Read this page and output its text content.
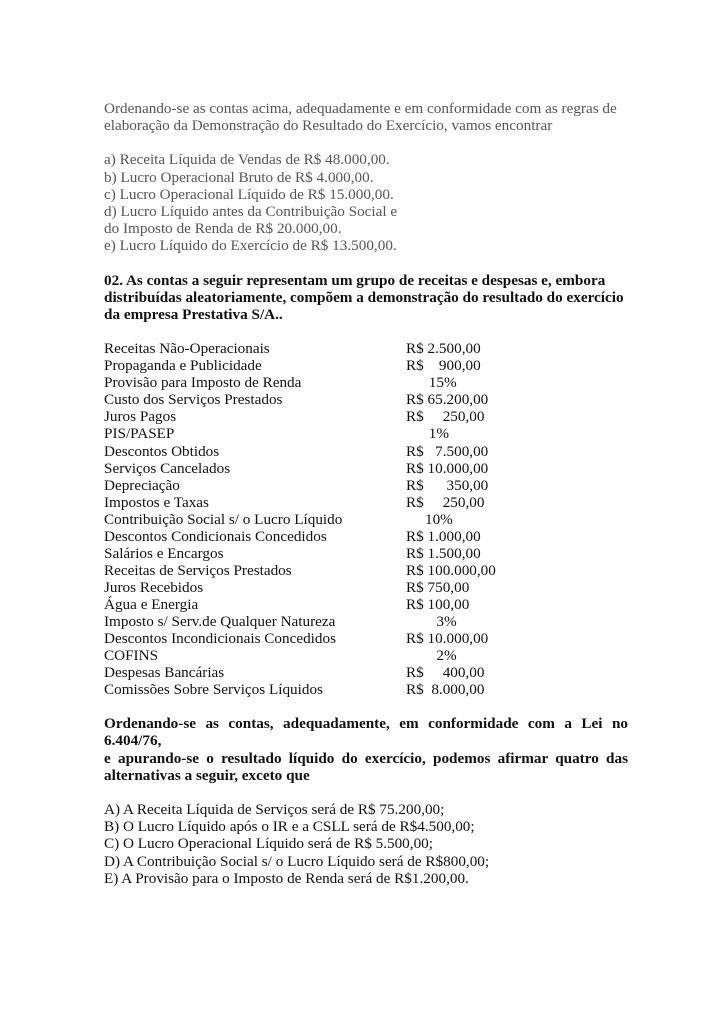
Ordenando-se as contas acima, adequadamente e em conformidade com as regras de
elaboração da Demonstração do Resultado do Exercício, vamos encontrar
a) Receita Líquida de Vendas de R$ 48.000,00.
b) Lucro Operacional Bruto de R$ 4.000,00.
c) Lucro Operacional Líquido de R$ 15.000,00.
d) Lucro Líquido antes da Contribuição Social e
do Imposto de Renda de R$ 20.000,00.
e) Lucro Líquido do Exercício de R$ 13.500,00.
02. As contas a seguir representam um grupo de receitas e despesas e, embora
distribuídas aleatoriamente, compõem a demonstração do resultado do exercício
da empresa Prestativa S/A..
Receitas Não-Operacionais	R$ 2.500,00
Propaganda e Publicidade	R$    900,00
Provisão para Imposto de Renda	15%
Custo dos Serviços Prestados	R$ 65.200,00
Juros Pagos	R$     250,00
PIS/PASEP	1%
Descontos Obtidos	R$   7.500,00
Serviços Cancelados	R$ 10.000,00
Depreciação	R$      350,00
Impostos e Taxas	R$     250,00
Contribuição Social s/ o Lucro Líquido	10%
Descontos Condicionais Concedidos	R$ 1.000,00
Salários e Encargos	R$ 1.500,00
Receitas de Serviços Prestados	R$ 100.000,00
Juros Recebidos	R$ 750,00
Água e Energia	R$ 100,00
Imposto s/ Serv.de Qualquer Natureza	3%
Descontos Incondicionais Concedidos	R$ 10.000,00
COFINS	2%
Despesas Bancárias	R$     400,00
Comissões Sobre Serviços Líquidos	R$  8.000,00
Ordenando-se as contas, adequadamente, em conformidade com a Lei no 6.404/76,
e apurando-se o resultado líquido do exercício, podemos afirmar quatro das
alternativas a seguir, exceto que
A) A Receita Líquida de Serviços será de R$ 75.200,00;
B) O Lucro Líquido após o IR e a CSLL será de R$4.500,00;
C) O Lucro Operacional Líquido será de R$ 5.500,00;
D) A Contribuição Social s/ o Lucro Líquido será de R$800,00;
E) A Provisão para o Imposto de Renda será de R$1.200,00.
